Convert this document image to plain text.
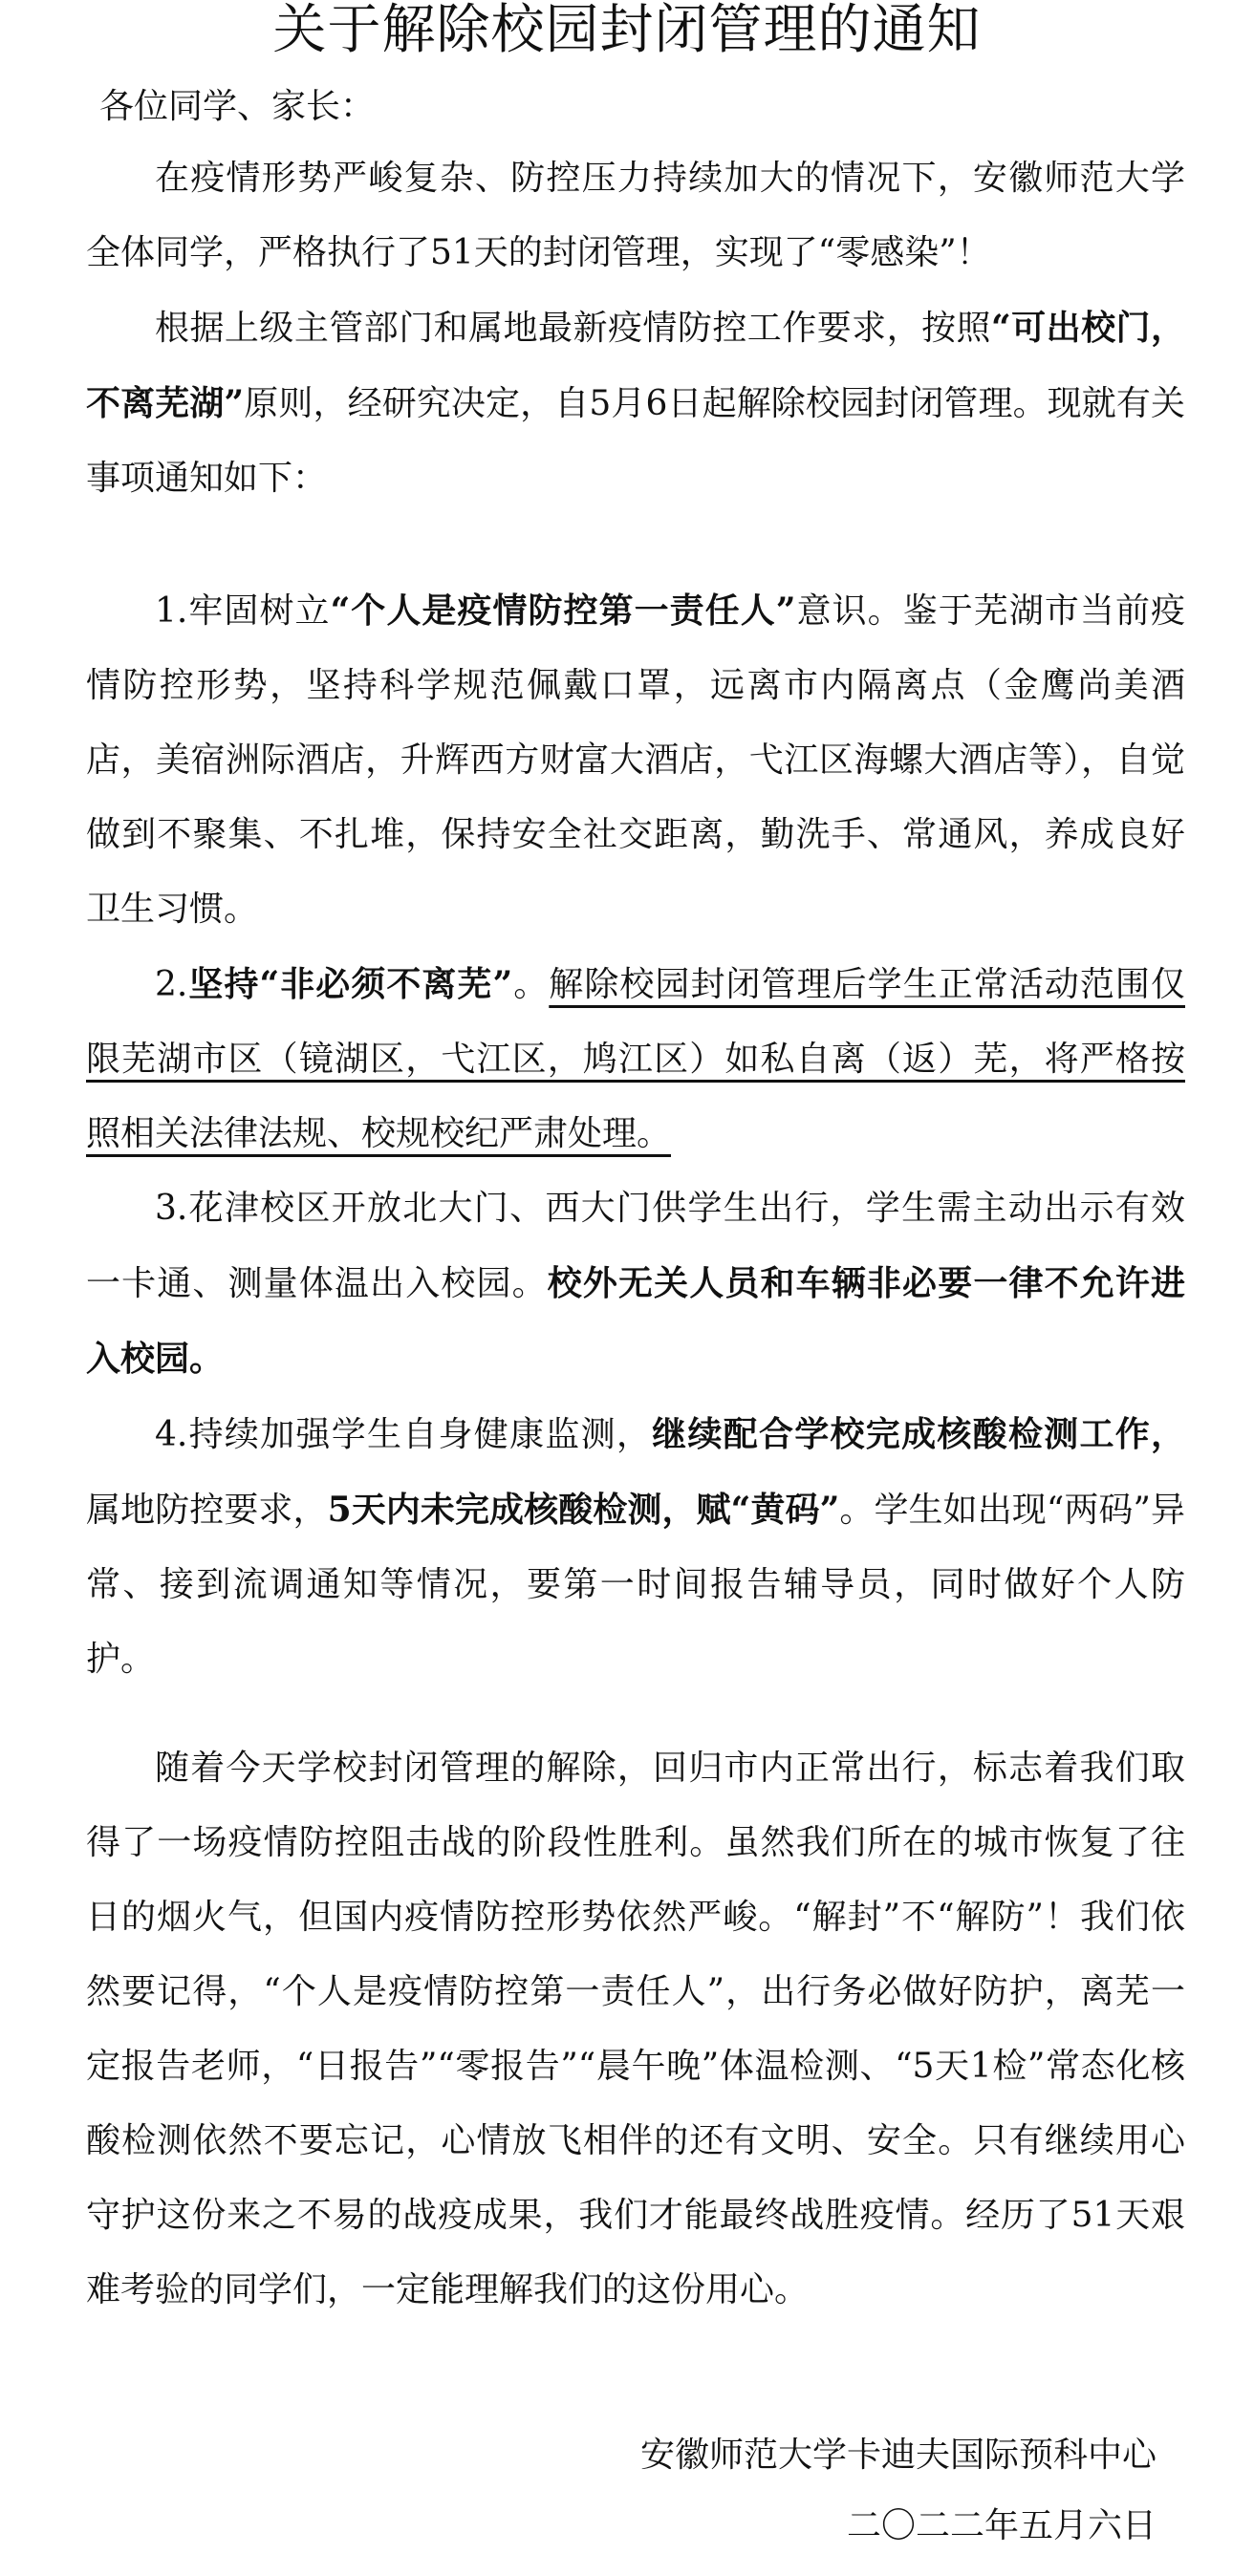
关于解除校园封闭管理的通知
各位同学、家长：

在疫情形势严峻复杂、防控压力持续加大的情况下，安徽师范大学全体同学，严格执行了51天的封闭管理，实现了“零感染”！

根据上级主管部门和属地最新疫情防控工作要求，按照“可出校门，不离芜湖”原则，经研究决定，自5月6日起解除校园封闭管理。现就有关事项通知如下：

1.牢固树立“个人是疫情防控第一责任人”意识。鉴于芜湖市当前疫情防控形势，坚持科学规范佩戴口罩，远离市内隔离点（金鹰尚美酒店，美宿洲际酒店，升辉西方财富大酒店，弋江区海螺大酒店等），自觉做到不聚集、不扎堆，保持安全社交距离，勤洗手、常通风，养成良好卫生习惯。

2.坚持“非必须不离芜”。解除校园封闭管理后学生正常活动范围仅限芜湖市区（镜湖区，弋江区，鸠江区）如私自离（返）芜，将严格按照相关法律法规、校规校纪严肃处理。

3.花津校区开放北大门、西大门供学生出行，学生需主动出示有效一卡通、测量体温出入校园。校外无关人员和车辆非必要一律不允许进入校园。

4.持续加强学生自身健康监测，继续配合学校完成核酸检测工作，属地防控要求，5天内未完成核酸检测，赋“黄码”。学生如出现“两码”异常、接到流调通知等情况，要第一时间报告辅导员，同时做好个人防护。

随着今天学校封闭管理的解除，回归市内正常出行，标志着我们取得了一场疫情防控阻击战的阶段性胜利。虽然我们所在的城市恢复了往日的烟火气，但国内疫情防控形势依然严峻。“解封”不“解防”！我们依然要记得，“个人是疫情防控第一责任人”，出行务必做好防护，离芜一定报告老师，“日报告”“零报告”“晨午晚”体温检测、“5天1检”常态化核酸检测依然不要忘记，心情放飞相伴的还有文明、安全。只有继续用心守护这份来之不易的战疫成果，我们才能最终战胜疫情。经历了51天艰难考验的同学们，一定能理解我们的这份用心。

安徽师范大学卡迪夫国际预科中心
二〇二二年五月六日
